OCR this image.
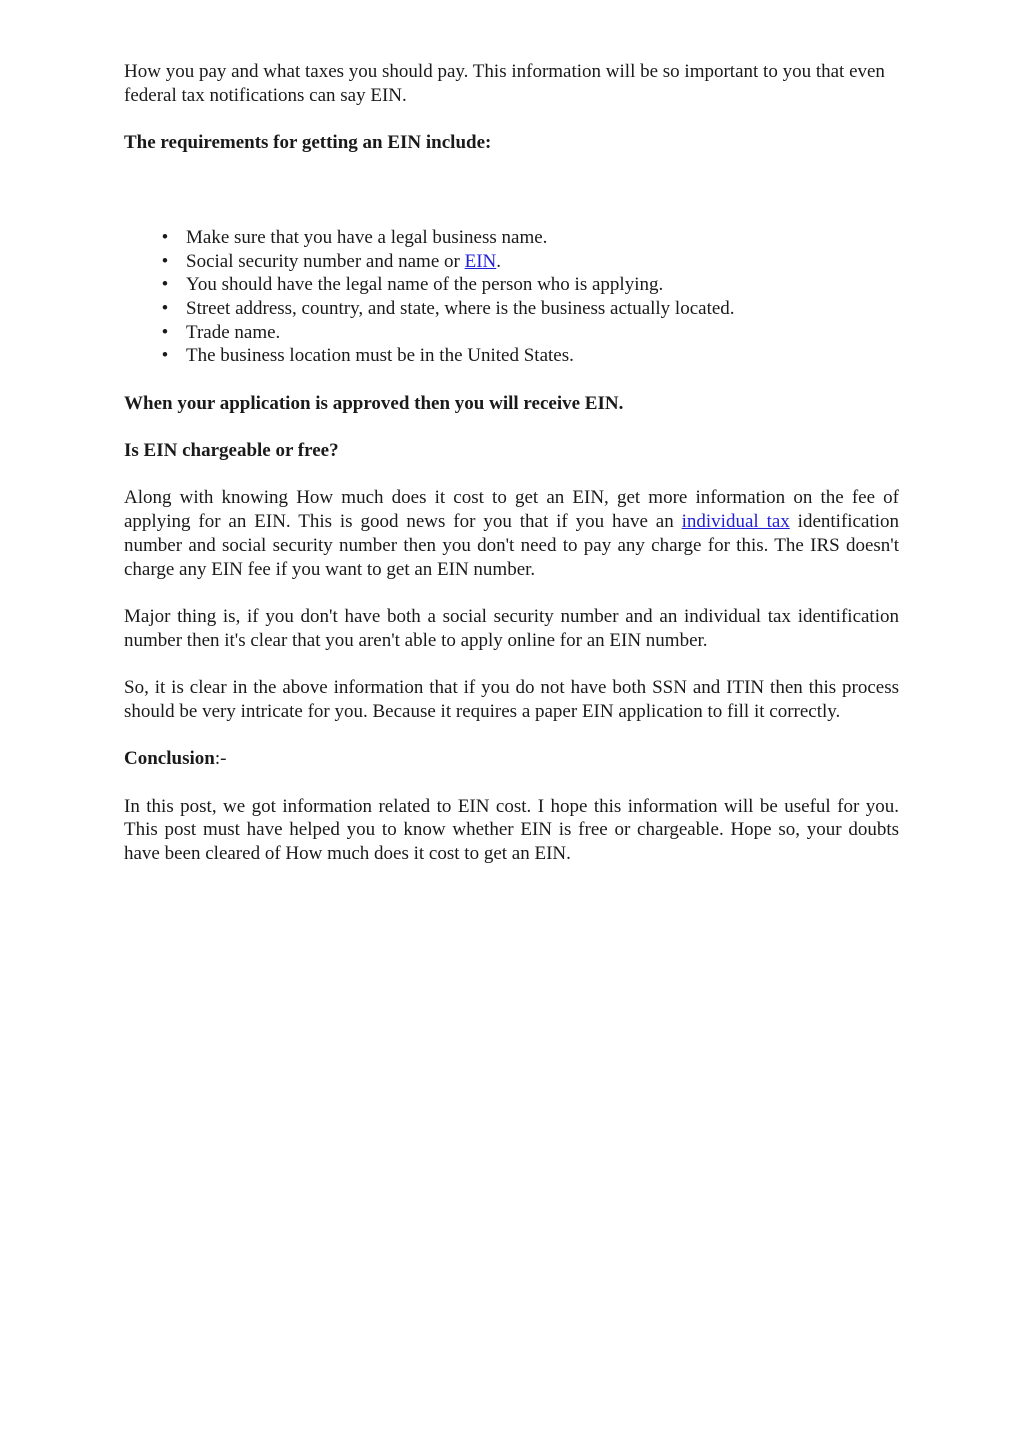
How you pay and what taxes you should pay. This information will be so important to you that even federal tax notifications can say EIN.

The requirements for getting an EIN include:

• Make sure that you have a legal business name.
• Social security number and name or EIN.
• You should have the legal name of the person who is applying.
• Street address, country, and state, where is the business actually located.
• Trade name.
• The business location must be in the United States.

When your application is approved then you will receive EIN.

Is EIN chargeable or free?

Along with knowing How much does it cost to get an EIN, get more information on the fee of applying for an EIN. This is good news for you that if you have an individual tax identification number and social security number then you don't need to pay any charge for this. The IRS doesn't charge any EIN fee if you want to get an EIN number.

Major thing is, if you don't have both a social security number and an individual tax identification number then it's clear that you aren't able to apply online for an EIN number.

So, it is clear in the above information that if you do not have both SSN and ITIN then this process should be very intricate for you. Because it requires a paper EIN application to fill it correctly.

Conclusion:-

In this post, we got information related to EIN cost. I hope this information will be useful for you. This post must have helped you to know whether EIN is free or chargeable. Hope so, your doubts have been cleared of How much does it cost to get an EIN.
